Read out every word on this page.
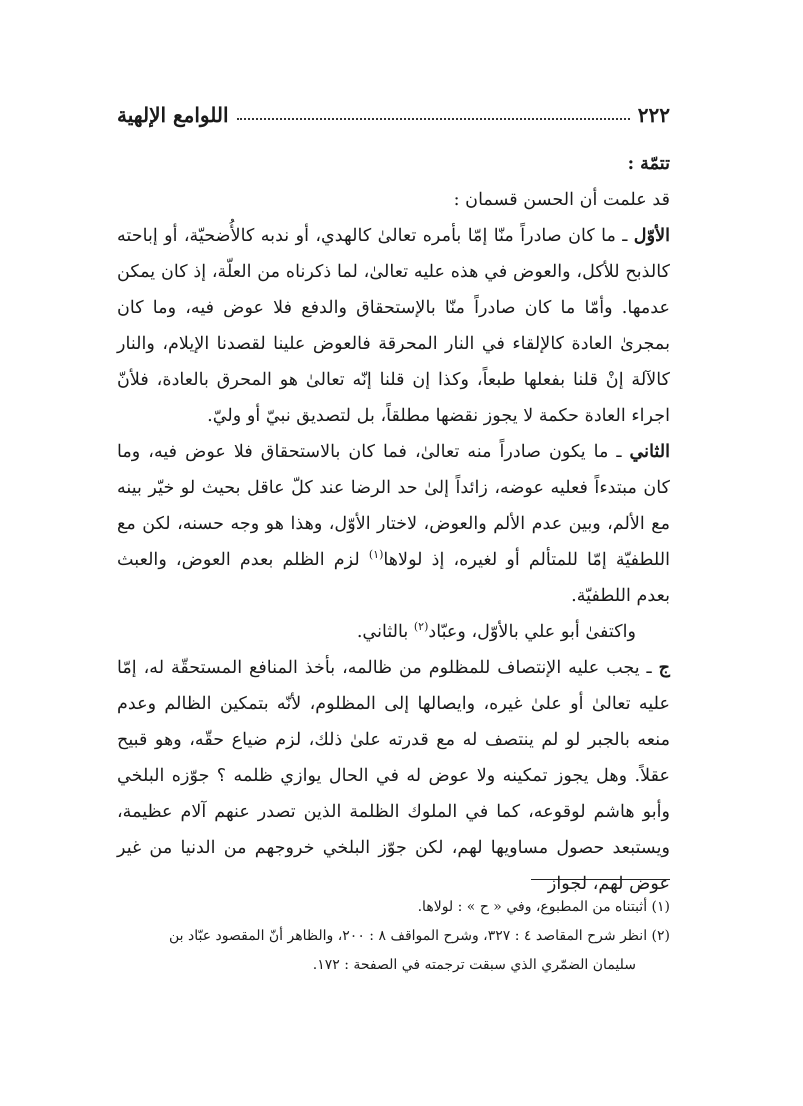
٢٢٢
اللوامع الإلهية

تتمّة :

قد علمت أن الحسن قسمان :

الأوّل ـ ما كان صادراً منّا إمّا بأمره تعالىٰ كالهدي، أو ندبه كالأُضحيّة، أو إباحته كالذبح للأكل، والعوض في هذه عليه تعالىٰ، لما ذكرناه من العلّة، إذ كان يمكن عدمها. وأمّا ما كان صادراً منّا بالإستحقاق والدفع فلا عوض فيه، وما كان بمجرىٰ العادة كالإلقاء في النار المحرقة فالعوض علينا لقصدنا الإيلام، والنار كالآلة إنْ قلنا بفعلها طبعاً، وكذا إن قلنا إنّه تعالىٰ هو المحرق بالعادة، فلأنّ اجراء العادة حكمة لا يجوز نقضها مطلقاً، بل لتصديق نبيّ أو وليّ.

الثاني ـ ما يكون صادراً منه تعالىٰ، فما كان بالاستحقاق فلا عوض فيه، وما كان مبتدءاً فعليه عوضه، زائداً إلىٰ حد الرضا عند كلّ عاقل بحيث لو خيّر بينه مع الألم، وبين عدم الألم والعوض، لاختار الأوّل، وهذا هو وجه حسنه، لكن مع اللطفيّة إمّا للمتألم أو لغيره، إذ لولاها$^{(١)}$ لزم الظلم بعدم العوض، والعبث بعدم اللطفيّة.

واكتفىٰ أبو علي بالأوّل، وعبّاد$^{(٢)}$ بالثاني.

ج ـ يجب عليه الإنتصاف للمظلوم من ظالمه، بأخذ المنافع المستحقّة له، إمّا عليه تعالىٰ أو علىٰ غيره، وايصالها إلى المظلوم، لأنّه بتمكين الظالم وعدم منعه بالجبر لو لم ينتصف له مع قدرته علىٰ ذلك، لزم ضياع حقّه، وهو قبيح عقلاً. وهل يجوز تمكينه ولا عوض له في الحال يوازي ظلمه ؟ جوّزه البلخي وأبو هاشم لوقوعه، كما في الملوك الظلمة الذين تصدر عنهم آلام عظيمة، ويستبعد حصول مساويها لهم، لكن جوّز البلخي خروجهم من الدنيا من غير عوض لهم، لجواز

(١) أثبتناه من المطبوع، وفي « ح » : لولاها.

(٢) انظر شرح المقاصد ٤ : ٣٢٧، وشرح المواقف ٨ : ٢٠٠، والظاهر أنّ المقصود عبّاد بن

سليمان الضمّري الذي سبقت ترجمته في الصفحة : ١٧٢.
